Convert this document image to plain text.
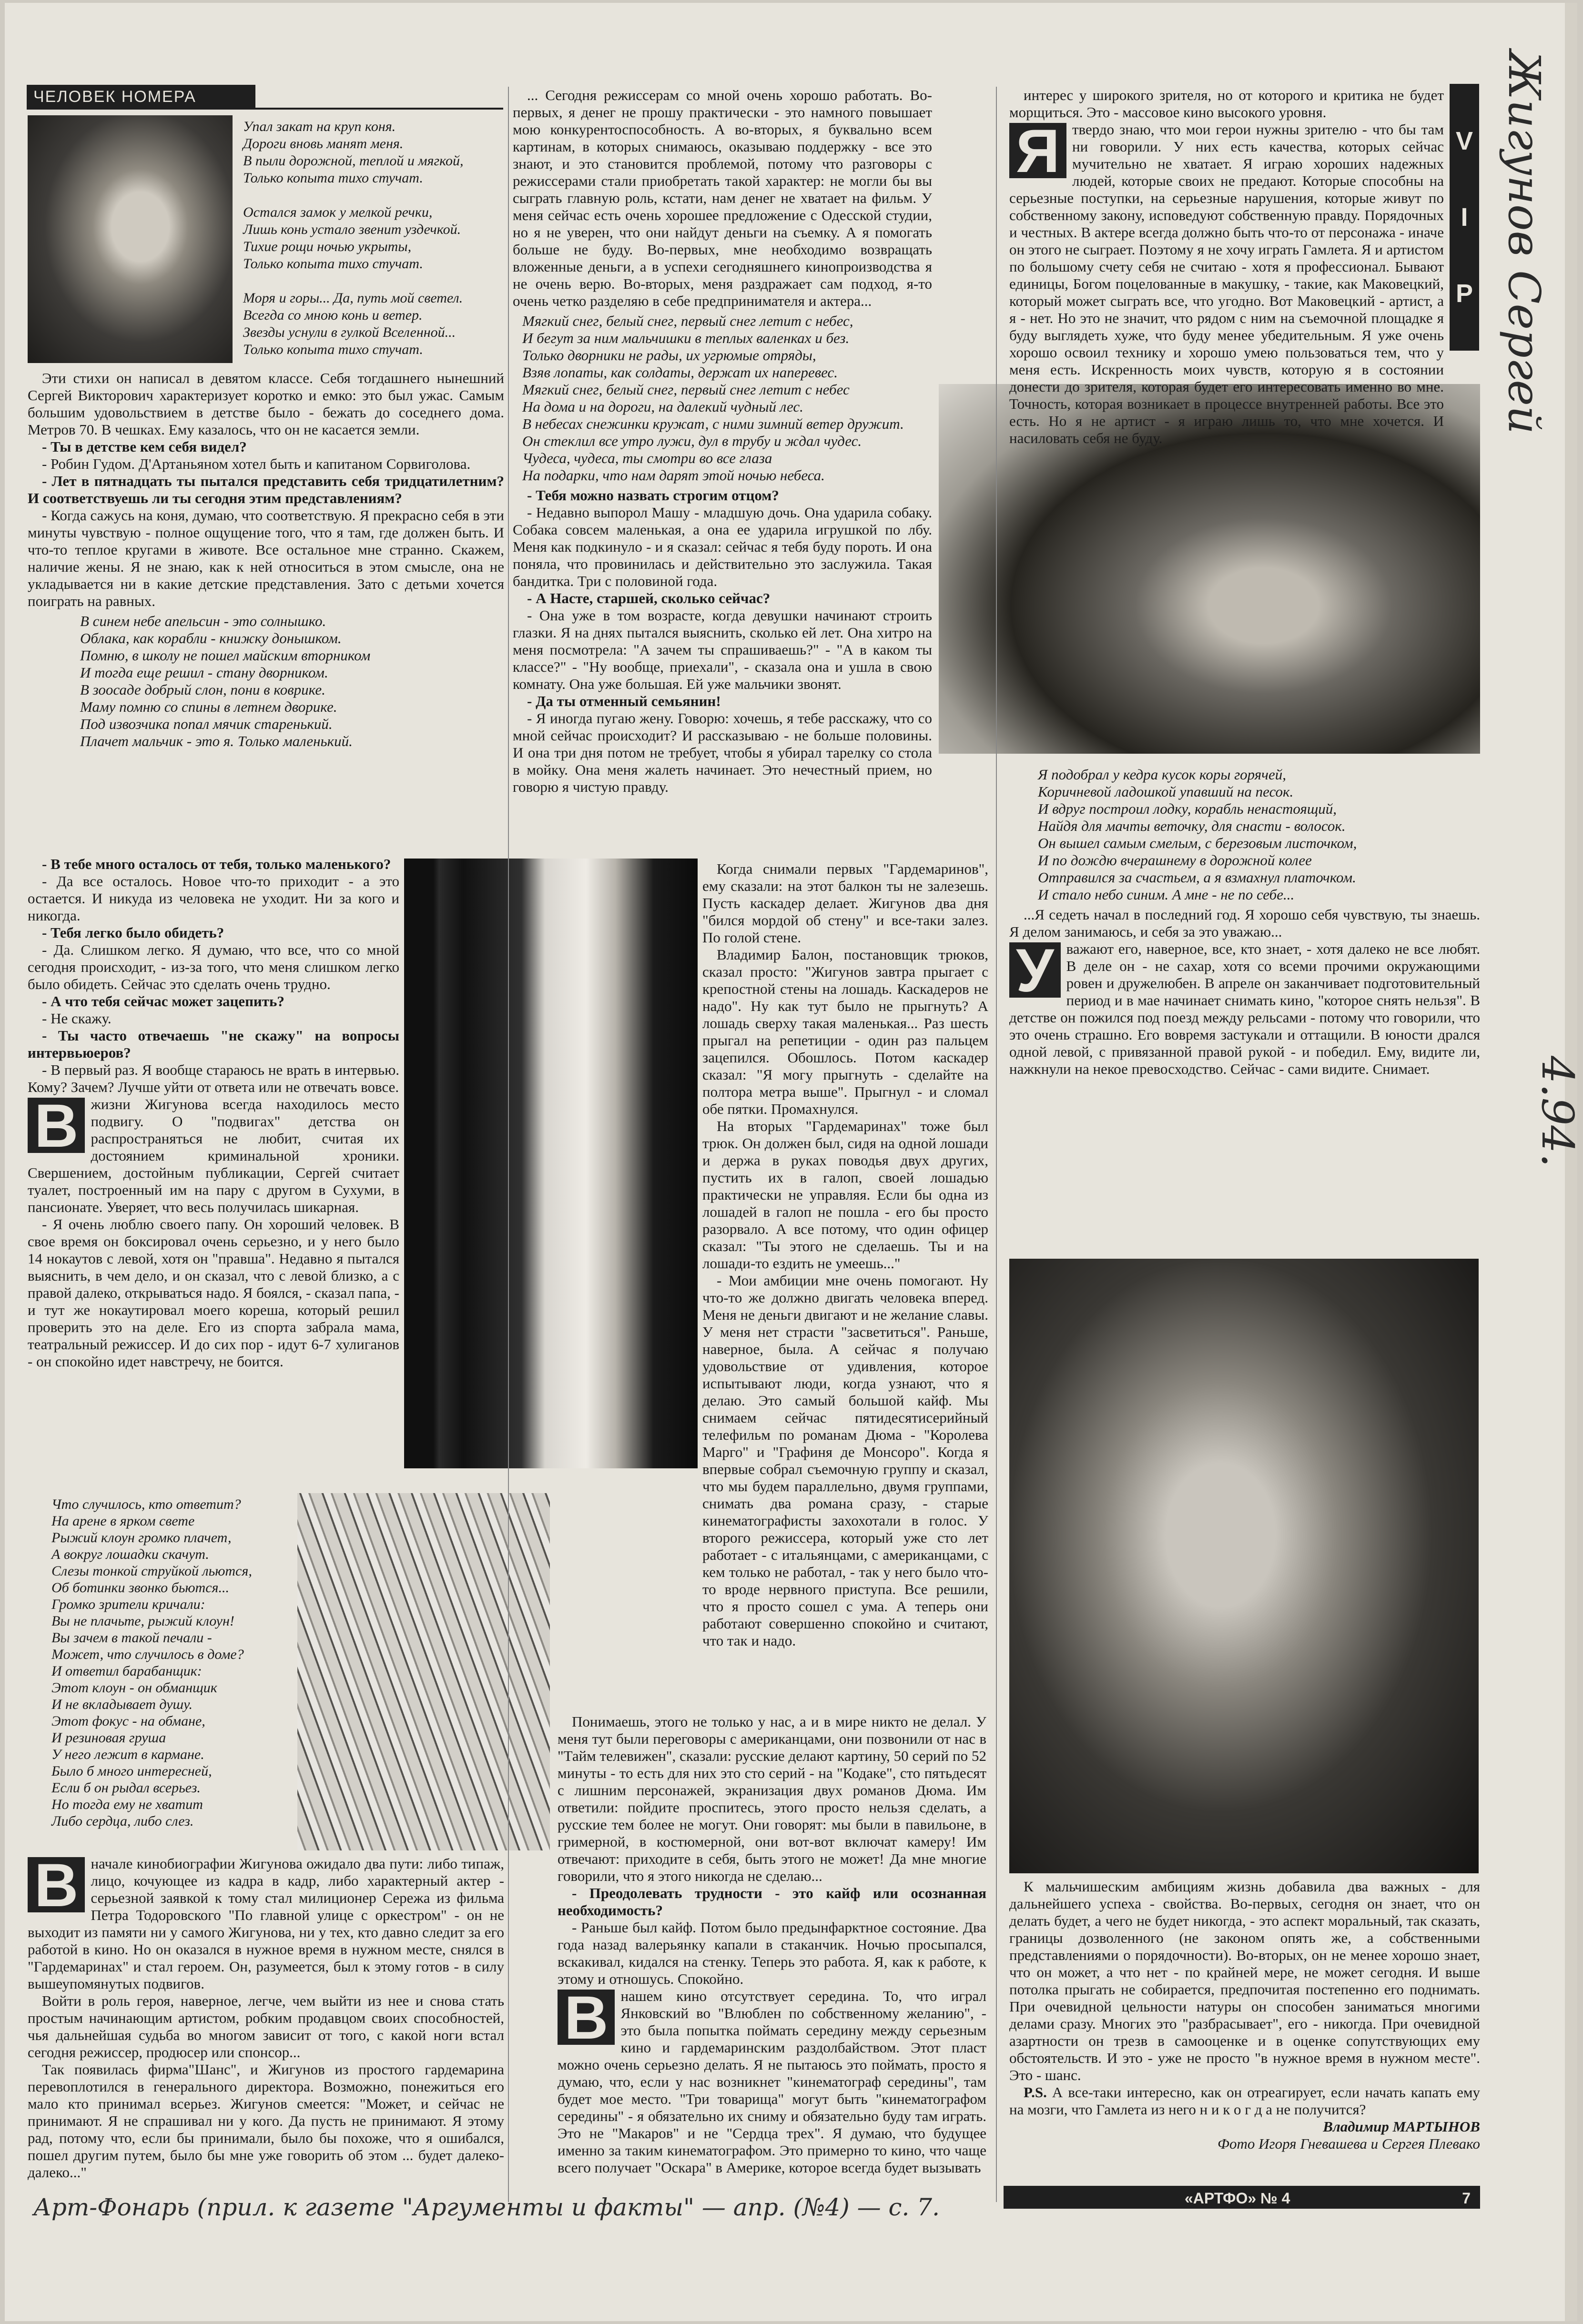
ЧЕЛОВЕК НОМЕРА
V
I
P
Упал закат на круп коня.
Дороги вновь манят меня.
В пыли дорожной, теплой и мягкой,
Только копыта тихо стучат.

Остался замок у мелкой речки,
Лишь конь устало звенит уздечкой.
Тихие рощи ночью укрыты,
Только копыта тихо стучат.

Моря и горы... Да, путь мой светел.
Всегда со мною конь и ветер.
Звезды уснули в гулкой Вселенной...
Только копыта тихо стучат.

Эти стихи он написал в девятом классе. Себя тогдашнего нынешний Сергей Викторович характеризует коротко и емко: это был ужас. Самым большим удовольствием в детстве было - бежать до соседнего дома. Метров 70. В чешках. Ему казалось, что он не касается земли.

- Ты в детстве кем себя видел?

- Робин Гудом. Д'Артаньяном хотел быть и капитаном Сорвиголова.

- Лет в пятнадцать ты пытался представить себя тридцатилетним? И соответствуешь ли ты сегодня этим представлениям?

- Когда сажусь на коня, думаю, что соответствую. Я прекрасно себя в эти минуты чувствую - полное ощущение того, что я там, где должен быть. И что-то теплое кругами в животе. Все остальное мне странно. Скажем, наличие жены. Я не знаю, как к ней относиться в этом смысле, она не укладывается ни в какие детские представления. Зато с детьми хочется поиграть на равных.

В синем небе апельсин - это солнышко.
Облака, как корабли - книжку донышком.
Помню, в школу не пошел майским вторником
И тогда еще решил - стану дворником.
В зоосаде добрый слон, пони в коврике.
Маму помню со спины в летнем дворике.
Под извозчика попал мячик старенький.
Плачет мальчик - это я. Только маленький.

- В тебе много осталось от тебя, только маленького?

- Да все осталось. Новое что-то приходит - а это остается. И никуда из человека не уходит. Ни за кого и никогда.

- Тебя легко было обидеть?

- Да. Слишком легко. Я думаю, что все, что со мной сегодня происходит, - из-за того, что меня слишком легко было обидеть. Сейчас это сделать очень трудно.

- А что тебя сейчас может зацепить?

- Не скажу.

- Ты часто отвечаешь "не скажу" на вопросы интервьюеров?

- В первый раз. Я вообще стараюсь не врать в интервью. Кому? Зачем? Лучше уйти от ответа или не отвечать вовсе.

В жизни Жигунова всегда находилось место подвигу. О "подвигах" детства он распространяться не любит, считая их достоянием криминальной хроники. Свершением, достойным публикации, Сергей считает туалет, построенный им на пару с другом в Сухуми, в пансионате. Уверяет, что весь получилась шикарная.

- Я очень люблю своего папу. Он хороший человек. В свое время он боксировал очень серьезно, и у него было 14 нокаутов с левой, хотя он "правша". Недавно я пытался выяснить, в чем дело, и он сказал, что с левой близко, а с правой далеко, открываться надо. Я боялся, - сказал папа, - и тут же нокаутировал моего кореша, который решил проверить это на деле. Его из спорта забрала мама, театральный режиссер. И до сих пор - идут 6-7 хулиганов - он спокойно идет навстречу, не боится.

Что случилось, кто ответит?
На арене в ярком свете
Рыжий клоун громко плачет,
А вокруг лошадки скачут.
Слезы тонкой струйкой льются,
Об ботинки звонко бьются...
Громко зрители кричали:
Вы не плачьте, рыжий клоун!
Вы зачем в такой печали -
Может, что случилось в доме?
И ответил барабанщик:
Этот клоун - он обманщик
И не вкладывает душу.
Этот фокус - на обмане,
И резиновая груша
У него лежит в кармане.
Было б много интересней,
Если б он рыдал всерьез.
Но тогда ему не хватит
Либо сердца, либо слез.

В начале кинобиографии Жигунова ожидало два пути: либо типаж, лицо, кочующее из кадра в кадр, либо характерный актер - серьезной заявкой к тому стал милиционер Сережа из фильма Петра Тодоровского "По главной улице с оркестром" - он не выходит из памяти ни у самого Жигунова, ни у тех, кто давно следит за его работой в кино. Но он оказался в нужное время в нужном месте, снялся в "Гардемаринах" и стал героем. Он, разумеется, был к этому готов - в силу вышеупомянутых подвигов.

Войти в роль героя, наверное, легче, чем выйти из нее и снова стать простым начинающим артистом, робким продавцом своих способностей, чья дальнейшая судьба во многом зависит от того, с какой ноги встал сегодня режиссер, продюсер или спонсор...

Так появилась фирма"Шанс", и Жигунов из простого гардемарина перевоплотился в генерального директора. Возможно, понежиться его мало кто принимал всерьез. Жигунов смеется: "Может, и сейчас не принимают. Я не спрашивал ни у кого. Да пусть не принимают. Я этому рад, потому что, если бы принимали, было бы похоже, что я ошибался, пошел другим путем, было бы мне уже говорить об этом ... будет далеко-далеко..."

... Сегодня режиссерам со мной очень хорошо работать. Во-первых, я денег не прошу практически - это намного повышает мою конкурентоспособность. А во-вторых, я буквально всем картинам, в которых снимаюсь, оказываю поддержку - все это знают, и это становится проблемой, потому что разговоры с режиссерами стали приобретать такой характер: не могли бы вы сыграть главную роль, кстати, нам денег не хватает на фильм. У меня сейчас есть очень хорошее предложение с Одесской студии, но я не уверен, что они найдут деньги на съемку. А я помогать больше не буду. Во-первых, мне необходимо возвращать вложенные деньги, а в успехи сегодняшнего кинопроизводства я не очень верю. Во-вторых, меня раздражает сам подход, я-то очень четко разделяю в себе предпринимателя и актера...

Мягкий снег, белый снег, первый снег летит с небес,
И бегут за ним мальчишки в теплых валенках и без.
Только дворники не рады, их угрюмые отряды,
Взяв лопаты, как солдаты, держат их наперевес.
Мягкий снег, белый снег, первый снег летит с небес
На дома и на дороги, на далекий чудный лес.
В небесах снежинки кружат, с ними зимний ветер дружит.
Он стеклил все утро лужи, дул в трубу и ждал чудес.
Чудеса, чудеса, ты смотри во все глаза
На подарки, что нам дарят этой ночью небеса.

- Тебя можно назвать строгим отцом?

- Недавно выпорол Машу - младшую дочь. Она ударила собаку. Собака совсем маленькая, а она ее ударила игрушкой по лбу. Меня как подкинуло - и я сказал: сейчас я тебя буду пороть. И она поняла, что провинилась и действительно это заслужила. Такая бандитка. Три с половиной года.

- А Насте, старшей, сколько сейчас?

- Она уже в том возрасте, когда девушки начинают строить глазки. Я на днях пытался выяснить, сколько ей лет. Она хитро на меня посмотрела: "А зачем ты спрашиваешь?" - "А в каком ты классе?" - "Ну вообще, приехали", - сказала она и ушла в свою комнату. Она уже большая. Ей уже мальчики звонят.

- Да ты отменный семьянин!

- Я иногда пугаю жену. Говорю: хочешь, я тебе расскажу, что со мной сейчас происходит? И рассказываю - не больше половины. И она три дня потом не требует, чтобы я убирал тарелку со стола в мойку. Она меня жалеть начинает. Это нечестный прием, но говорю я чистую правду.

Когда снимали первых "Гардемаринов", ему сказали: на этот балкон ты не залезешь. Пусть каскадер делает. Жигунов два дня "бился мордой об стену" и все-таки залез. По голой стене.

Владимир Балон, постановщик трюков, сказал просто: "Жигунов завтра прыгает с крепостной стены на лошадь. Каскадеров не надо". Ну как тут было не прыгнуть? А лошадь сверху такая маленькая... Раз шесть прыгал на репетиции - один раз пальцем зацепился. Обошлось. Потом каскадер сказал: "Я могу прыгнуть - сделайте на полтора метра выше". Прыгнул - и сломал обе пятки. Промахнулся.

На вторых "Гардемаринах" тоже был трюк. Он должен был, сидя на одной лошади и держа в руках поводья двух других, пустить их в галоп, своей лошадью практически не управляя. Если бы одна из лошадей в галоп не пошла - его бы просто разорвало. А все потому, что один офицер сказал: "Ты этого не сделаешь. Ты и на лошади-то ездить не умеешь..."

- Мои амбиции мне очень помогают. Ну что-то же должно двигать человека вперед. Меня не деньги двигают и не желание славы. У меня нет страсти "засветиться". Раньше, наверное, была. А сейчас я получаю удовольствие от удивления, которое испытывают люди, когда узнают, что я делаю. Это самый большой кайф. Мы снимаем сейчас пятидесятисерийный телефильм по романам Дюма - "Королева Марго" и "Графиня де Монсоро". Когда я впервые собрал съемочную группу и сказал, что мы будем параллельно, двумя группами, снимать два романа сразу, - старые кинематографисты захохотали в голос. У второго режиссера, который уже сто лет работает - с итальянцами, с американцами, с кем только не работал, - так у него было что-то вроде нервного приступа. Все решили, что я просто сошел с ума. А теперь они работают совершенно спокойно и считают, что так и надо.

Понимаешь, этого не только у нас, а и в мире никто не делал. У меня тут были переговоры с американцами, они позвонили от нас в "Тайм телевижен", сказали: русские делают картину, 50 серий по 52 минуты - то есть для них это сто серий - на "Кодаке", сто пятьдесят с лишним персонажей, экранизация двух романов Дюма. Им ответили: пойдите проспитесь, этого просто нельзя сделать, а русские тем более не могут. Они говорят: мы были в павильоне, в гримерной, в костюмерной, они вот-вот включат камеру! Им отвечают: приходите в себя, быть этого не может! Да мне многие говорили, что я этого никогда не сделаю...

- Преодолевать трудности - это кайф или осознанная необходимость?

- Раньше был кайф. Потом было предынфарктное состояние. Два года назад валерьянку капали в стаканчик. Ночью просыпался, вскакивал, кидался на стенку. Теперь это работа. Я, как к работе, к этому и отношусь. Спокойно.

В нашем кино отсутствует середина. То, что играл Янковский во "Влюблен по собственному желанию", - это была попытка поймать середину между серьезным кино и гардемаринским раздолбайством. Этот пласт можно очень серьезно делать. Я не пытаюсь это поймать, просто я думаю, что, если у нас возникнет "кинематограф середины", там будет мое место. "Три товарища" могут быть "кинематографом середины" - я обязательно их сниму и обязательно буду там играть. Это не "Макаров" и не "Сердца трех". Я думаю, что будущее именно за таким кинематографом. Это примерно то кино, что чаще всего получает "Оскара" в Америке, которое всегда будет вызывать

интерес у широкого зрителя, но от которого и критика не будет морщиться. Это - массовое кино высокого уровня.

Я твердо знаю, что мои герои нужны зрителю - что бы там ни говорили. У них есть качества, которых сейчас мучительно не хватает. Я играю хороших надежных людей, которые своих не предают. Которые способны на серьезные поступки, на серьезные нарушения, которые живут по собственному закону, исповедуют собственную правду. Порядочных и честных. В актере всегда должно быть что-то от персонажа - иначе он этого не сыграет. Поэтому я не хочу играть Гамлета. Я и артистом по большому счету себя не считаю - хотя я профессионал. Бывают единицы, Богом поцелованные в макушку, - такие, как Маковецкий, который может сыграть все, что угодно. Вот Маковецкий - артист, а я - нет. Но это не значит, что рядом с ним на съемочной площадке я буду выглядеть хуже, что буду менее убедительным. Я уже очень хорошо освоил технику и хорошо умею пользоваться тем, что у меня есть. Искренность моих чувств, которую я в состоянии донести до зрителя, которая будет его интересовать именно во мне. Точность, которая возникает в процессе внутренней работы. Все это есть. Но я не артист - я играю лишь то, что мне хочется. И насиловать себя не буду.

Я подобрал у кедра кусок коры горячей,
Коричневой ладошкой упавший на песок.
И вдруг построил лодку, корабль ненастоящий,
Найдя для мачты веточку, для снасти - волосок.
Он вышел самым смелым, с березовым листочком,
И по дождю вчерашнему в дорожной колее
Отправился за счастьем, а я взмахнул платочком.
И стало небо синим. А мне - не по себе...

...Я седеть начал в последний год. Я хорошо себя чувствую, ты знаешь. Я делом занимаюсь, и себя за это уважаю...

У важают его, наверное, все, кто знает, - хотя далеко не все любят. В деле он - не сахар, хотя со всеми прочими окружающими ровен и дружелюбен. В апреле он заканчивает подготовительный период и в мае начинает снимать кино, "которое снять нельзя". В детстве он пожился под поезд между рельсами - потому что говорили, что это очень страшно. Его вовремя застукали и оттащили. В юности дрался одной левой, с привязанной правой рукой - и победил. Ему, видите ли, нажкнули на некое превосходство. Сейчас - сами видите. Снимает.

К мальчишеским амбициям жизнь добавила два важных - для дальнейшего успеха - свойства. Во-первых, сегодня он знает, что он делать будет, а чего не будет никогда, - это аспект моральный, так сказать, границы дозволенного (не законом опять же, а собственными представлениями о порядочности). Во-вторых, он не менее хорошо знает, что он может, а что нет - по крайней мере, не может сегодня. И выше потолка прыгать не собирается, предпочитая постепенно его поднимать. При очевидной цельности натуры он способен заниматься многими делами сразу. Многих это "разбрасывает", его - никогда. При очевидной азартности он трезв в самооценке и в оценке сопутствующих ему обстоятельств. И это - уже не просто "в нужное время в нужном месте". Это - шанс.

P.S. А все-таки интересно, как он отреагирует, если начать капать ему на мозги, что Гамлета из него н и к о г д а не получится?

Владимир МАРТЫНОВ

Фото Игоря Гневашева и Сергея Плевако

«АРТФО» № 4	7
Жигунов Сергей
4.94.
Арт-Фонарь (прил. к газете "Аргументы и факты" — апр. (№4) — с. 7.
